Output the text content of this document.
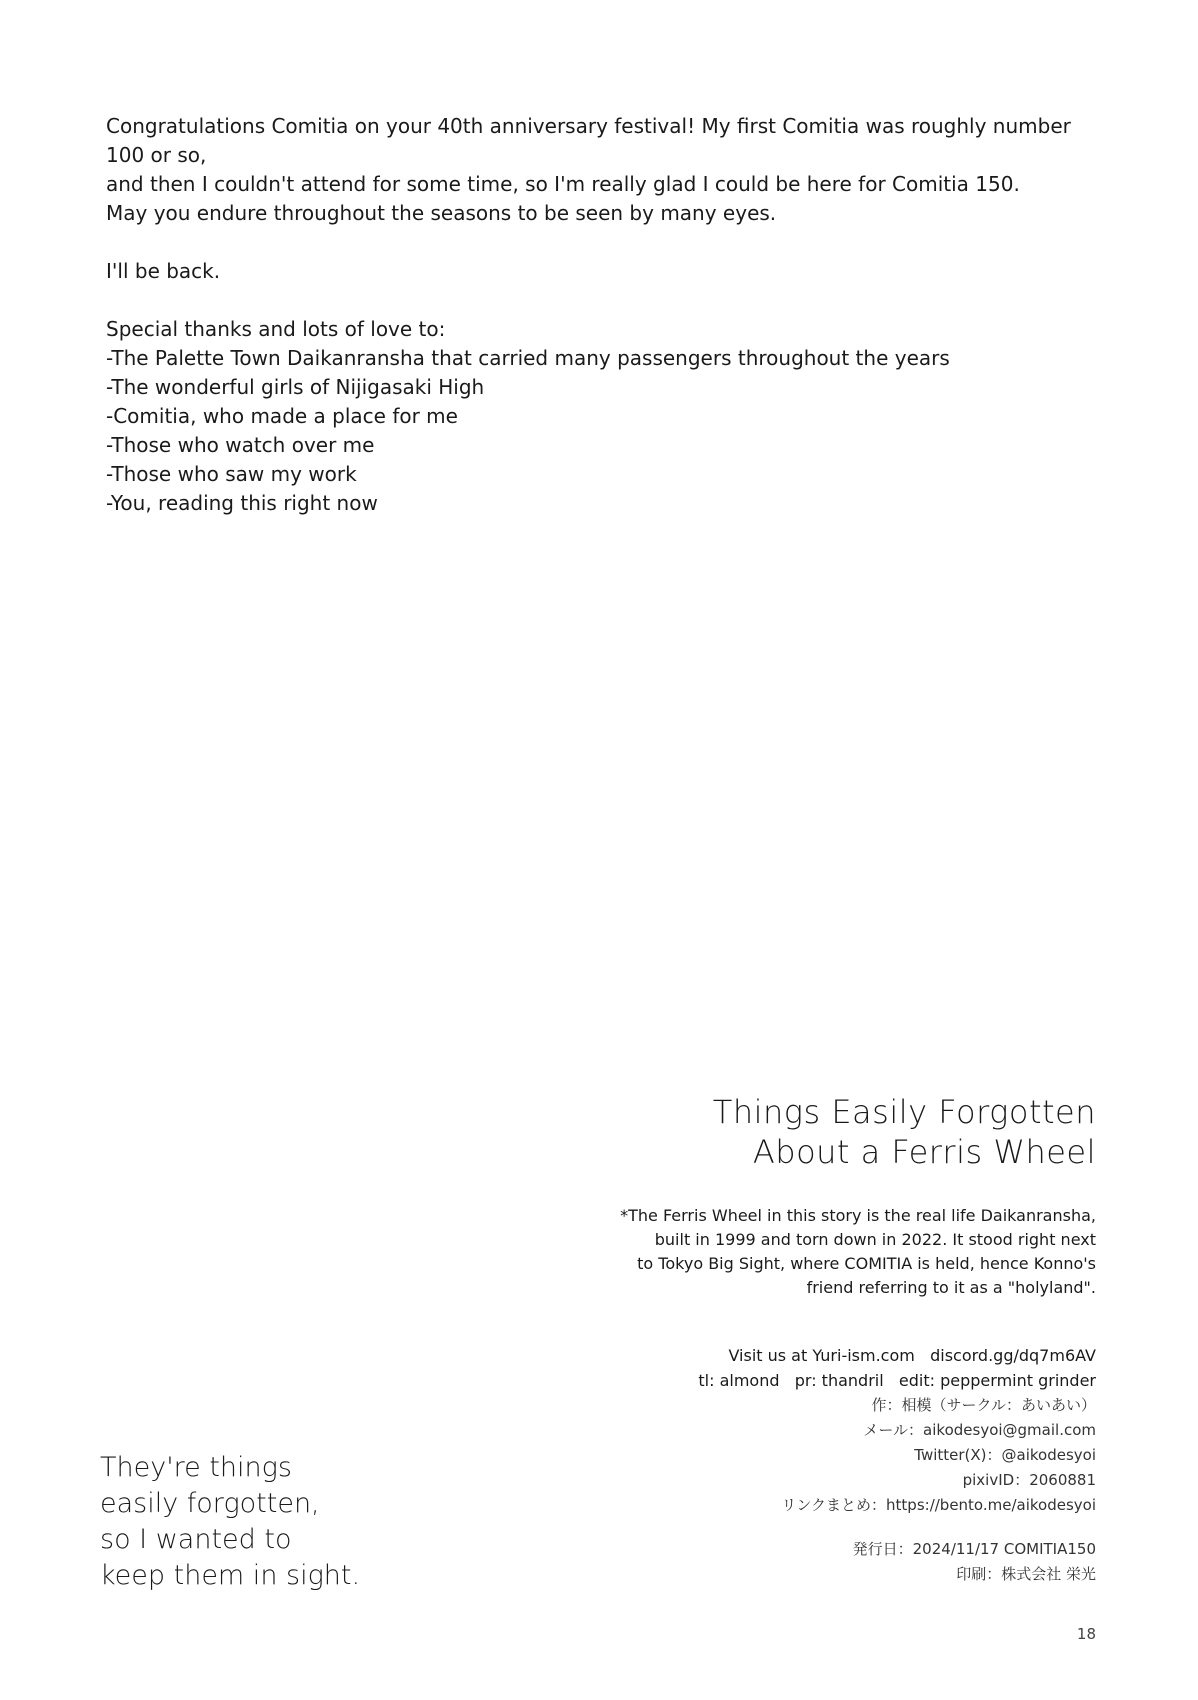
Congratulations Comitia on your 40th anniversary festival! My first Comitia was roughly number 100 or so,

and then I couldn't attend for some time, so I'm really glad I could be here for Comitia 150.

May you endure throughout the seasons to be seen by many eyes.

I'll be back.

Special thanks and lots of love to:

-The Palette Town Daikanransha that carried many passengers throughout the years

-The wonderful girls of Nijigasaki High

-Comitia, who made a place for me

-Those who watch over me

-Those who saw my work

-You, reading this right now

Things Easily Forgotten
About a Ferris Wheel
*The Ferris Wheel in this story is the real life Daikanransha,
built in 1999 and torn down in 2022. It stood right next
to Tokyo Big Sight, where COMITIA is held, hence Konno's
friend referring to it as a "holyland".
Visit us at Yuri-ism.com   discord.gg/dq7m6AV
tl: almond   pr: thandril   edit: peppermint grinder
作：相模（サークル：あいあい）
メール：aikodesyoi@gmail.com
Twitter(X)：@aikodesyoi
pixivID：2060881
リンクまとめ：https://bento.me/aikodesyoi
発行日：2024/11/17 COMITIA150
印刷：株式会社 栄光
They're things
easily forgotten,
so I wanted to
keep them in sight.
18
